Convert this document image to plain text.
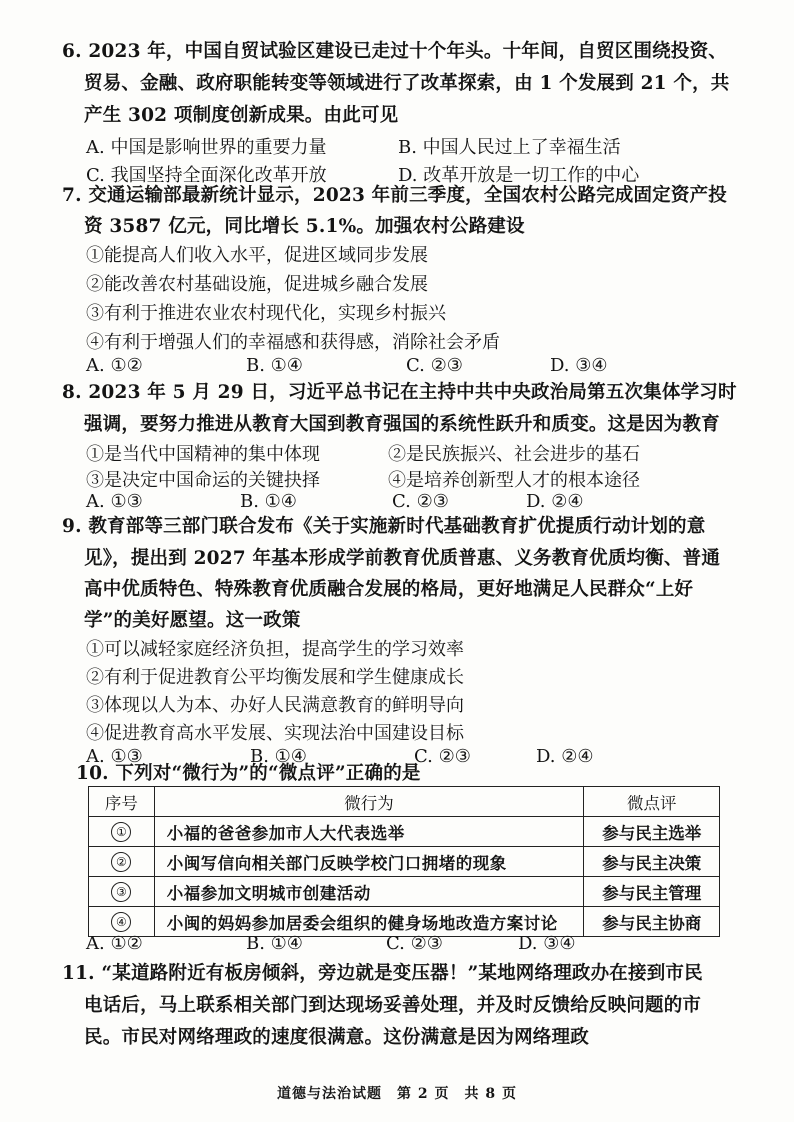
6. 2023 年，中国自贸试验区建设已走过十个年头。十年间，自贸区围绕投资、
贸易、金融、政府职能转变等领域进行了改革探索，由 1 个发展到 21 个，共
产生 302 项制度创新成果。由此可见
A. 中国是影响世界的重要力量	B. 中国人民过上了幸福生活
C. 我国坚持全面深化改革开放	D. 改革开放是一切工作的中心
7. 交通运输部最新统计显示，2023 年前三季度，全国农村公路完成固定资产投
资 3587 亿元，同比增长 5.1%。加强农村公路建设
①能提高人们收入水平，促进区域同步发展
②能改善农村基础设施，促进城乡融合发展
③有利于推进农业农村现代化，实现乡村振兴
④有利于增强人们的幸福感和获得感，消除社会矛盾
A. ①②	B. ①④	C. ②③	D. ③④
8. 2023 年 5 月 29 日，习近平总书记在主持中共中央政治局第五次集体学习时
强调，要努力推进从教育大国到教育强国的系统性跃升和质变。这是因为教育
①是当代中国精神的集中体现	②是民族振兴、社会进步的基石
③是决定中国命运的关键抉择	④是培养创新型人才的根本途径
A. ①③	B. ①④	C. ②③	D. ②④
9. 教育部等三部门联合发布《关于实施新时代基础教育扩优提质行动计划的意
见》，提出到 2027 年基本形成学前教育优质普惠、义务教育优质均衡、普通
高中优质特色、特殊教育优质融合发展的格局，更好地满足人民群众“上好
学”的美好愿望。这一政策
①可以减轻家庭经济负担，提高学生的学习效率
②有利于促进教育公平均衡发展和学生健康成长
③体现以人为本、办好人民满意教育的鲜明导向
④促进教育高水平发展、实现法治中国建设目标
A. ①③	B. ①④	C. ②③	D. ②④
10. 下列对“微行为”的“微点评”正确的是
序号	微行为	微点评
①	小福的爸爸参加市人大代表选举	参与民主选举
②	小闽写信向相关部门反映学校门口拥堵的现象	参与民主决策
③	小福参加文明城市创建活动	参与民主管理
④	小闽的妈妈参加居委会组织的健身场地改造方案讨论	参与民主协商
A. ①②	B. ①④	C. ②③	D. ③④
11. “某道路附近有板房倾斜，旁边就是变压器！”某地网络理政办在接到市民
电话后，马上联系相关部门到达现场妥善处理，并及时反馈给反映问题的市
民。市民对网络理政的速度很满意。这份满意是因为网络理政
道德与法治试题　第 2 页　共 8 页
